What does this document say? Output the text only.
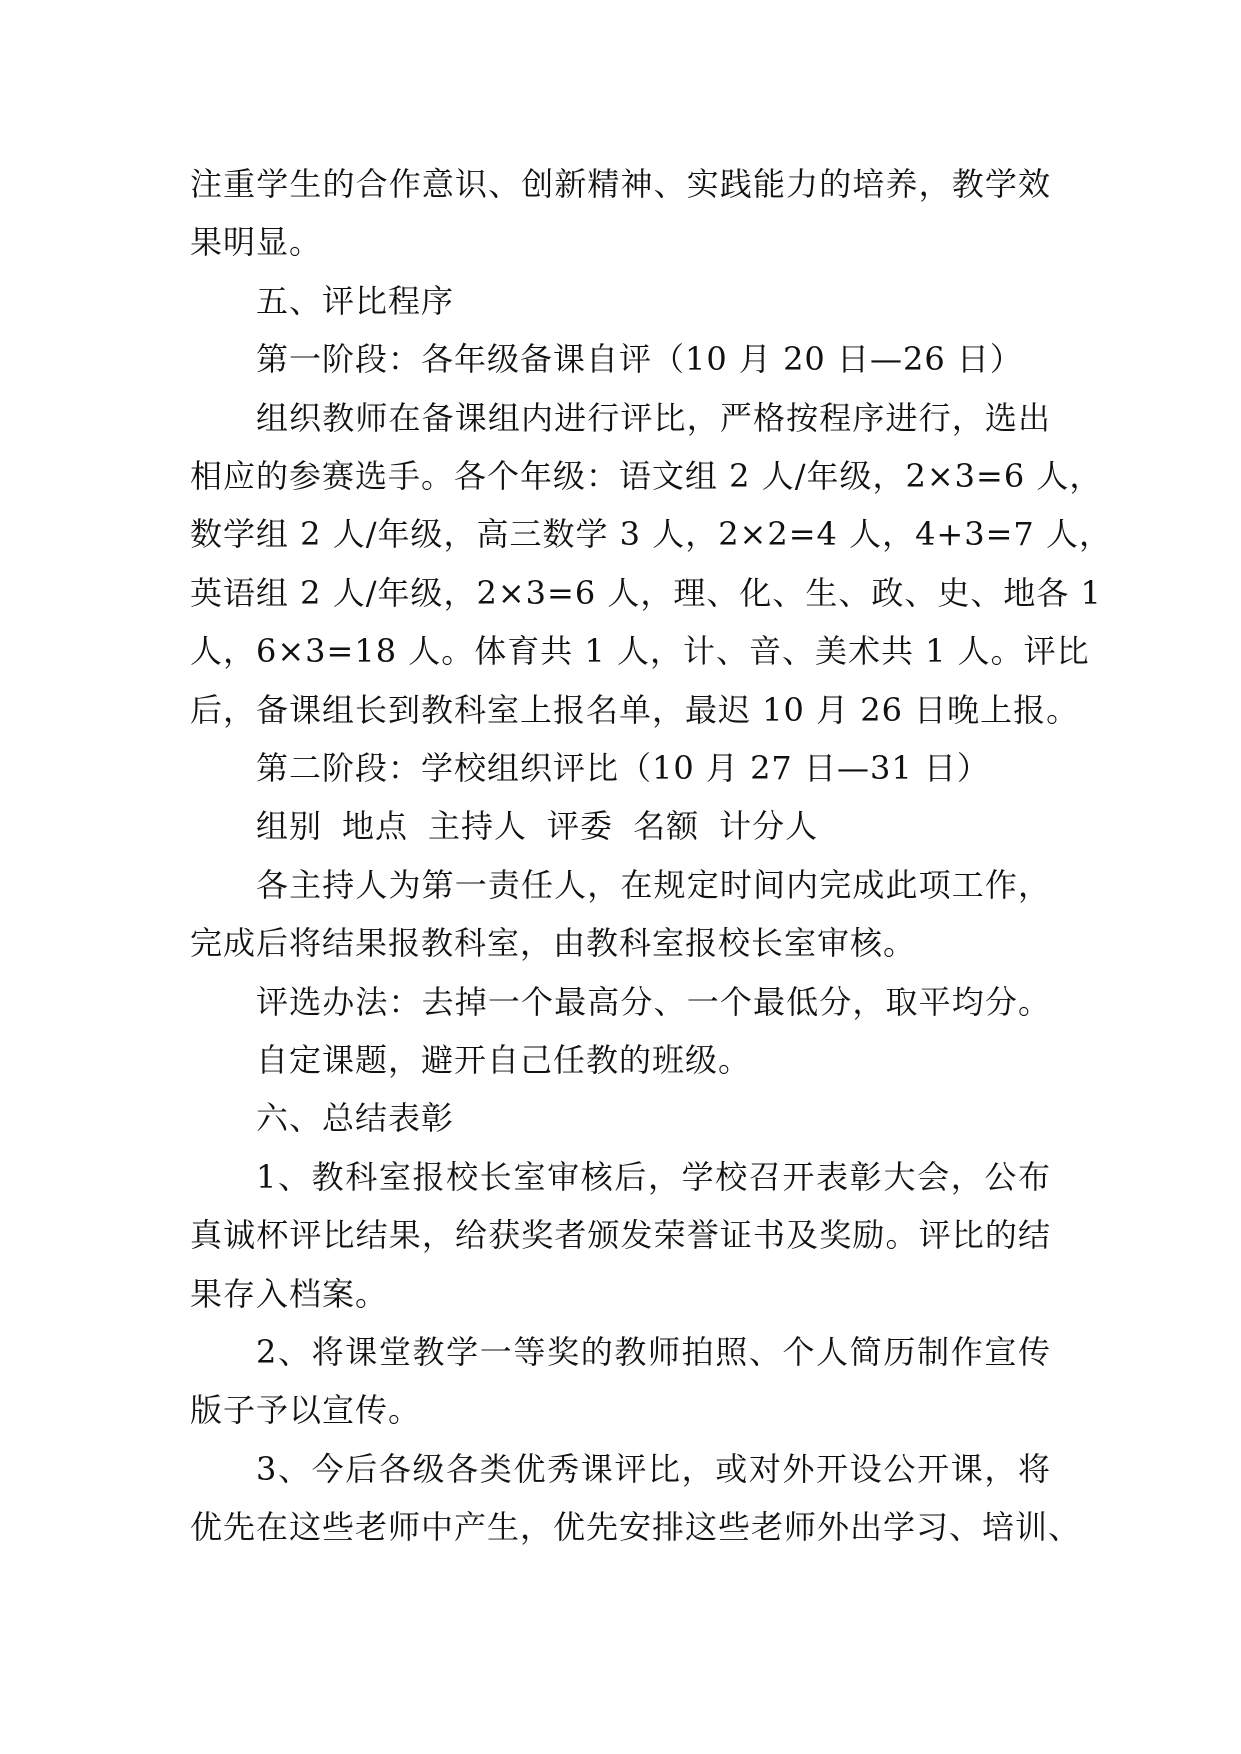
注重学生的合作意识、创新精神、实践能力的培养，教学效
果明显。
五、评比程序
第一阶段：各年级备课自评（10 月 20 日—26 日）
组织教师在备课组内进行评比，严格按程序进行，选出
相应的参赛选手。各个年级：语文组 2 人/年级，2×3=6 人，
数学组 2 人/年级，高三数学 3 人，2×2=4 人，4+3=7 人，
英语组 2 人/年级，2×3=6 人，理、化、生、政、史、地各 1
人，6×3=18 人。体育共 1 人，计、音、美术共 1 人。评比
后，备课组长到教科室上报名单，最迟 10 月 26 日晚上报。
第二阶段：学校组织评比（10 月 27 日—31 日）
组别 地点 主持人 评委 名额 计分人
各主持人为第一责任人，在规定时间内完成此项工作，
完成后将结果报教科室，由教科室报校长室审核。
评选办法：去掉一个最高分、一个最低分，取平均分。
自定课题，避开自己任教的班级。
六、总结表彰
1、教科室报校长室审核后，学校召开表彰大会，公布
真诚杯评比结果，给获奖者颁发荣誉证书及奖励。评比的结
果存入档案。
2、将课堂教学一等奖的教师拍照、个人简历制作宣传
版子予以宣传。
3、今后各级各类优秀课评比，或对外开设公开课，将
优先在这些老师中产生，优先安排这些老师外出学习、培训、
